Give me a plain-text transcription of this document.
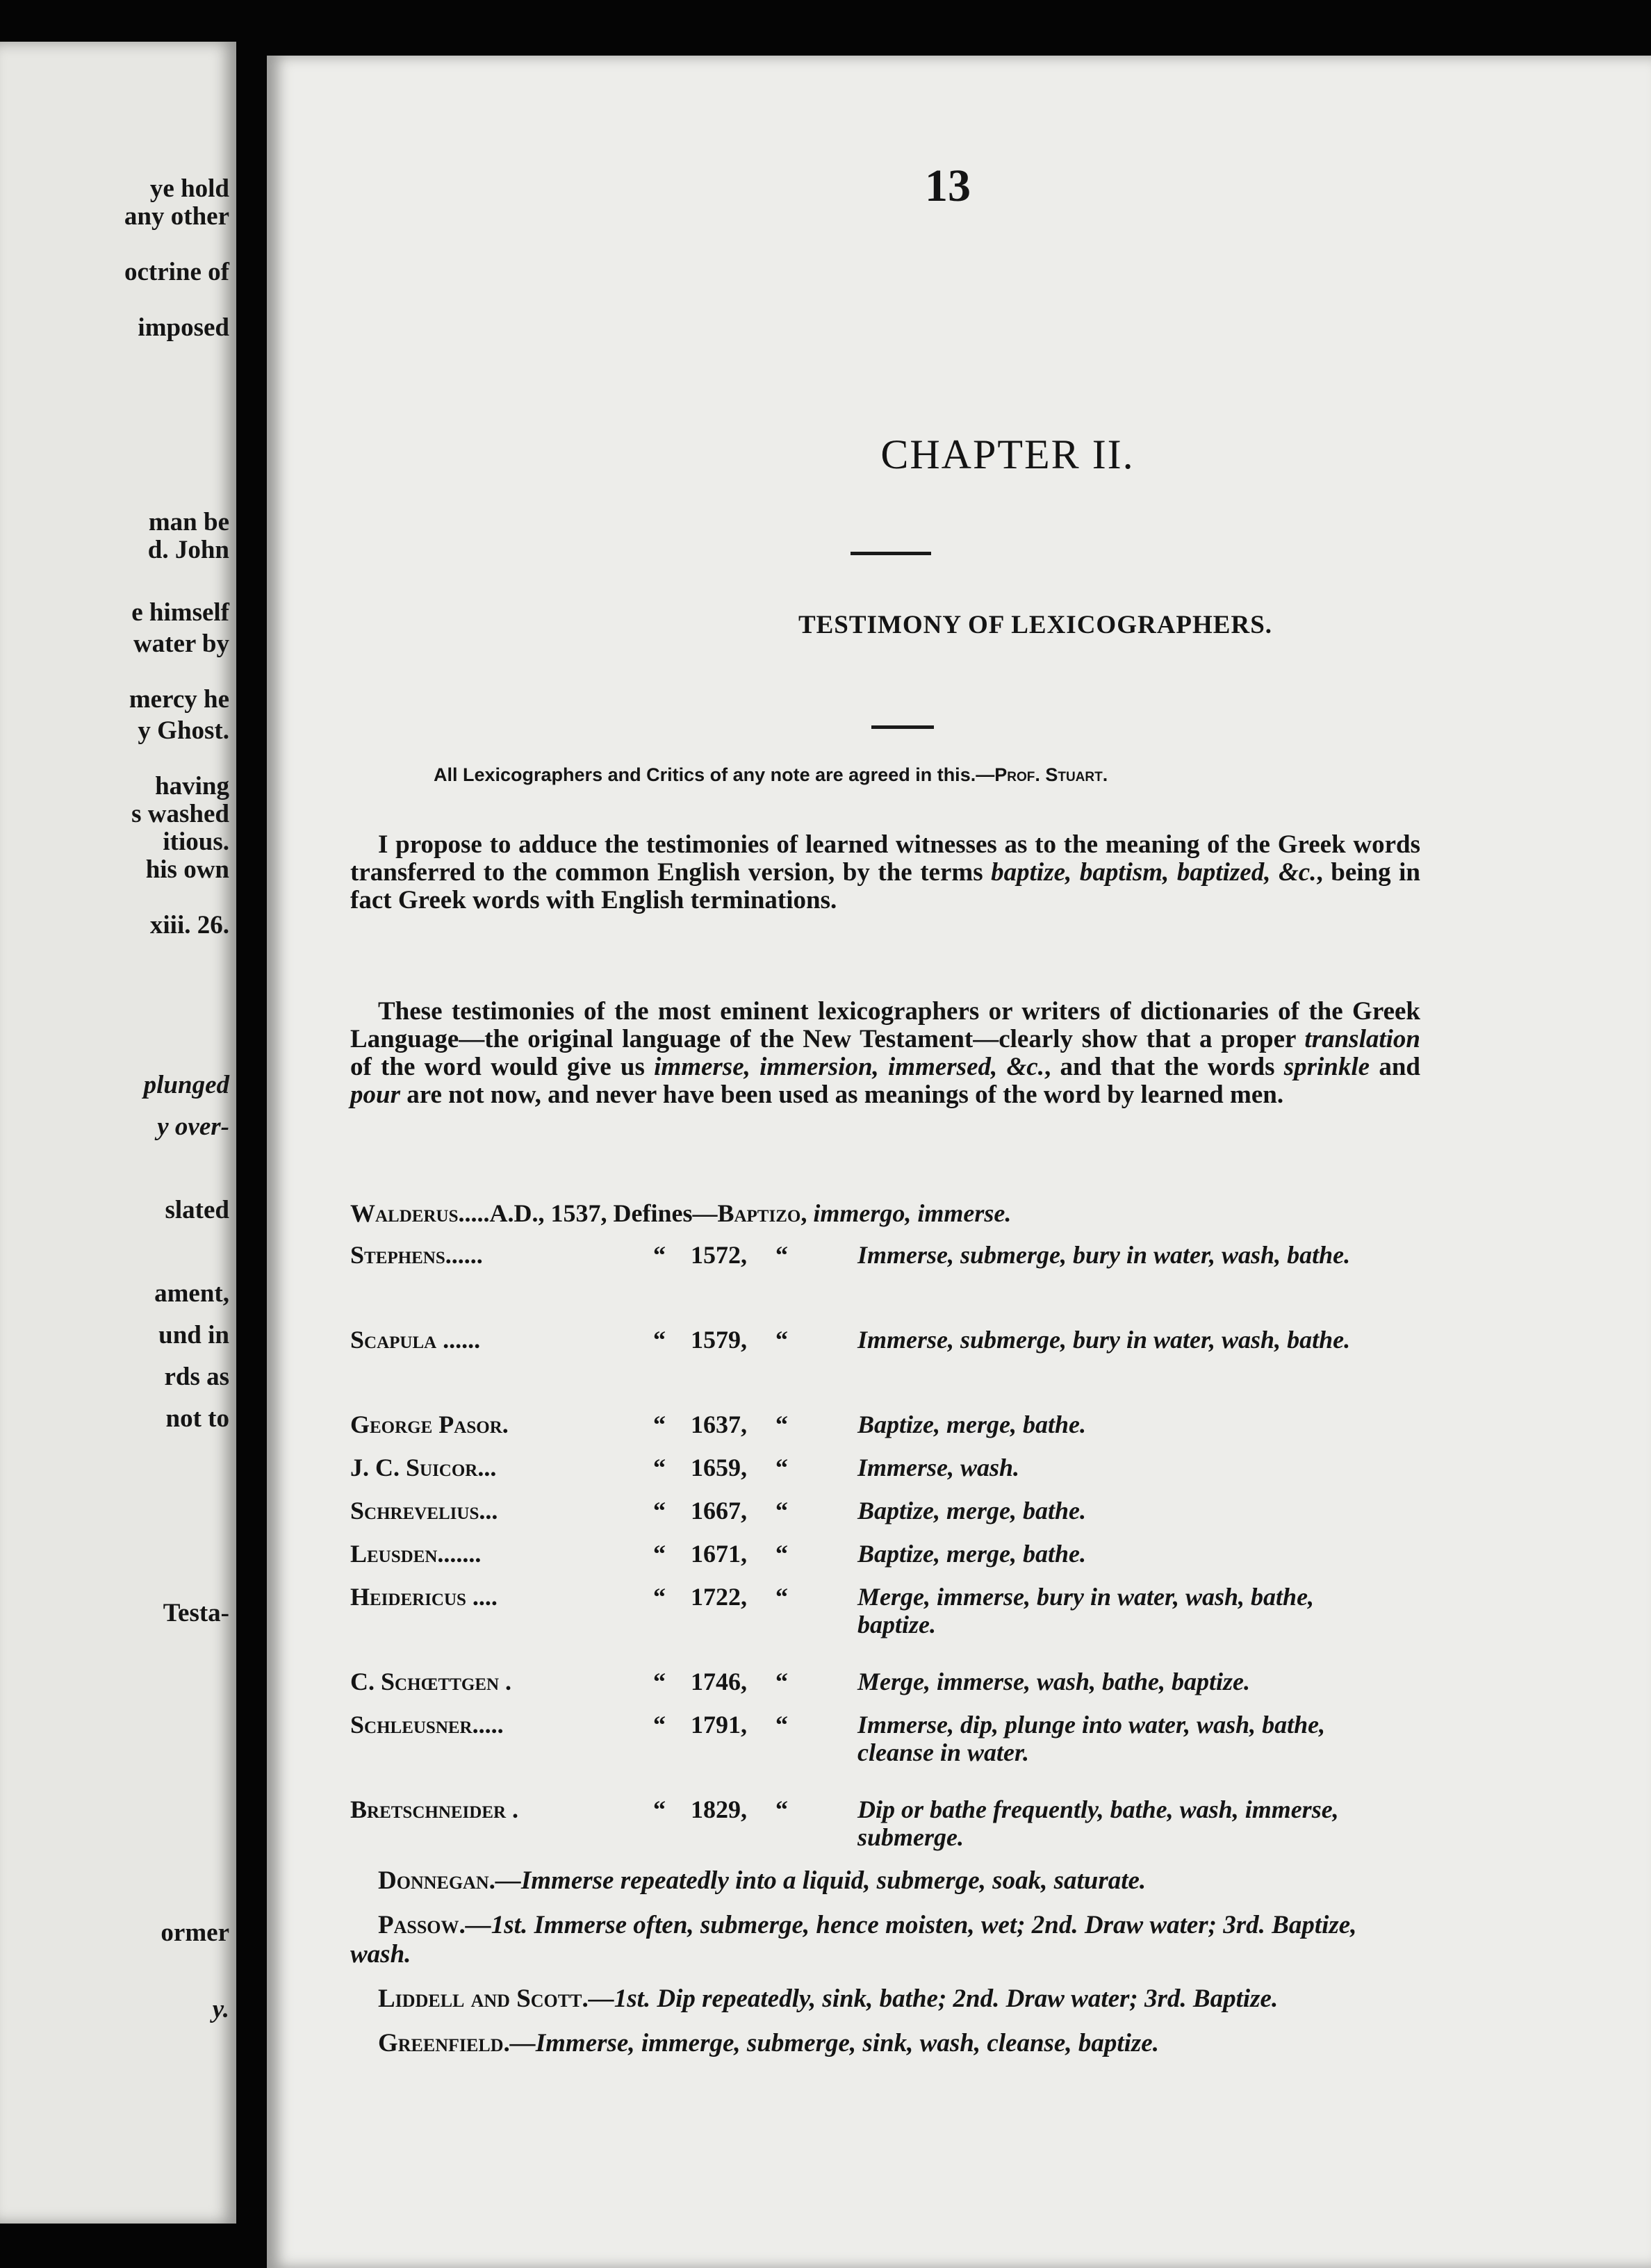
ye hold
any other
octrine of
imposed
man be
d. John
e himself
water by
mercy he
y Ghost.
having
s washed
itious.
his own
xiii. 26.
plunged
y over-
slated
ament,
und in
rds as
not to
Testa-
ormer
y.
13
CHAPTER II.
TESTIMONY OF LEXICOGRAPHERS.
All Lexicographers and Critics of any note are agreed in this.—Prof. Stuart.
I propose to adduce the testimonies of learned witnesses as to the meaning of the Greek words transferred to the common English version, by the terms baptize, baptism, baptized, &c., being in fact Greek words with English terminations.
These testimonies of the most eminent lexicographers or writers of dictionaries of the Greek Language—the original language of the New Testament—clearly show that a proper translation of the word would give us immerse, immersion, immersed, &c., and that the words sprinkle and pour are not now, and never have been used as meanings of the word by learned men.
Walderus.....A.D., 1537, Defines—Baptizo, immergo, immerse.
Stephens......	“  1572, “	Immerse, submerge, bury in water, wash, bathe.
Scapula ......	“  1579, “	Immerse, submerge, bury in water, wash, bathe.
George Pasor.	“  1637, “	Baptize, merge, bathe.
J. C. Suicor...	“  1659, “	Immerse, wash.
Schrevelius...	“  1667, “	Baptize, merge, bathe.
Leusden.......	“  1671, “	Baptize, merge, bathe.
Heidericus ....	“  1722, “	Merge, immerse, bury in water, wash, bathe, baptize.
C. Schœttgen .	“  1746, “	Merge, immerse, wash, bathe, baptize.
Schleusner.....	“  1791, “	Immerse, dip, plunge into water, wash, bathe, cleanse in water.
Bretschneider .	“  1829, “	Dip or bathe frequently, bathe, wash, immerse, submerge.
Donnegan.—Immerse repeatedly into a liquid, submerge, soak, saturate.
Passow.—1st. Immerse often, submerge, hence moisten, wet; 2nd. Draw water; 3rd. Baptize, wash.
Liddell and Scott.—1st. Dip repeatedly, sink, bathe; 2nd. Draw water; 3rd. Baptize.
Greenfield.—Immerse, immerge, submerge, sink, wash, cleanse, baptize.
